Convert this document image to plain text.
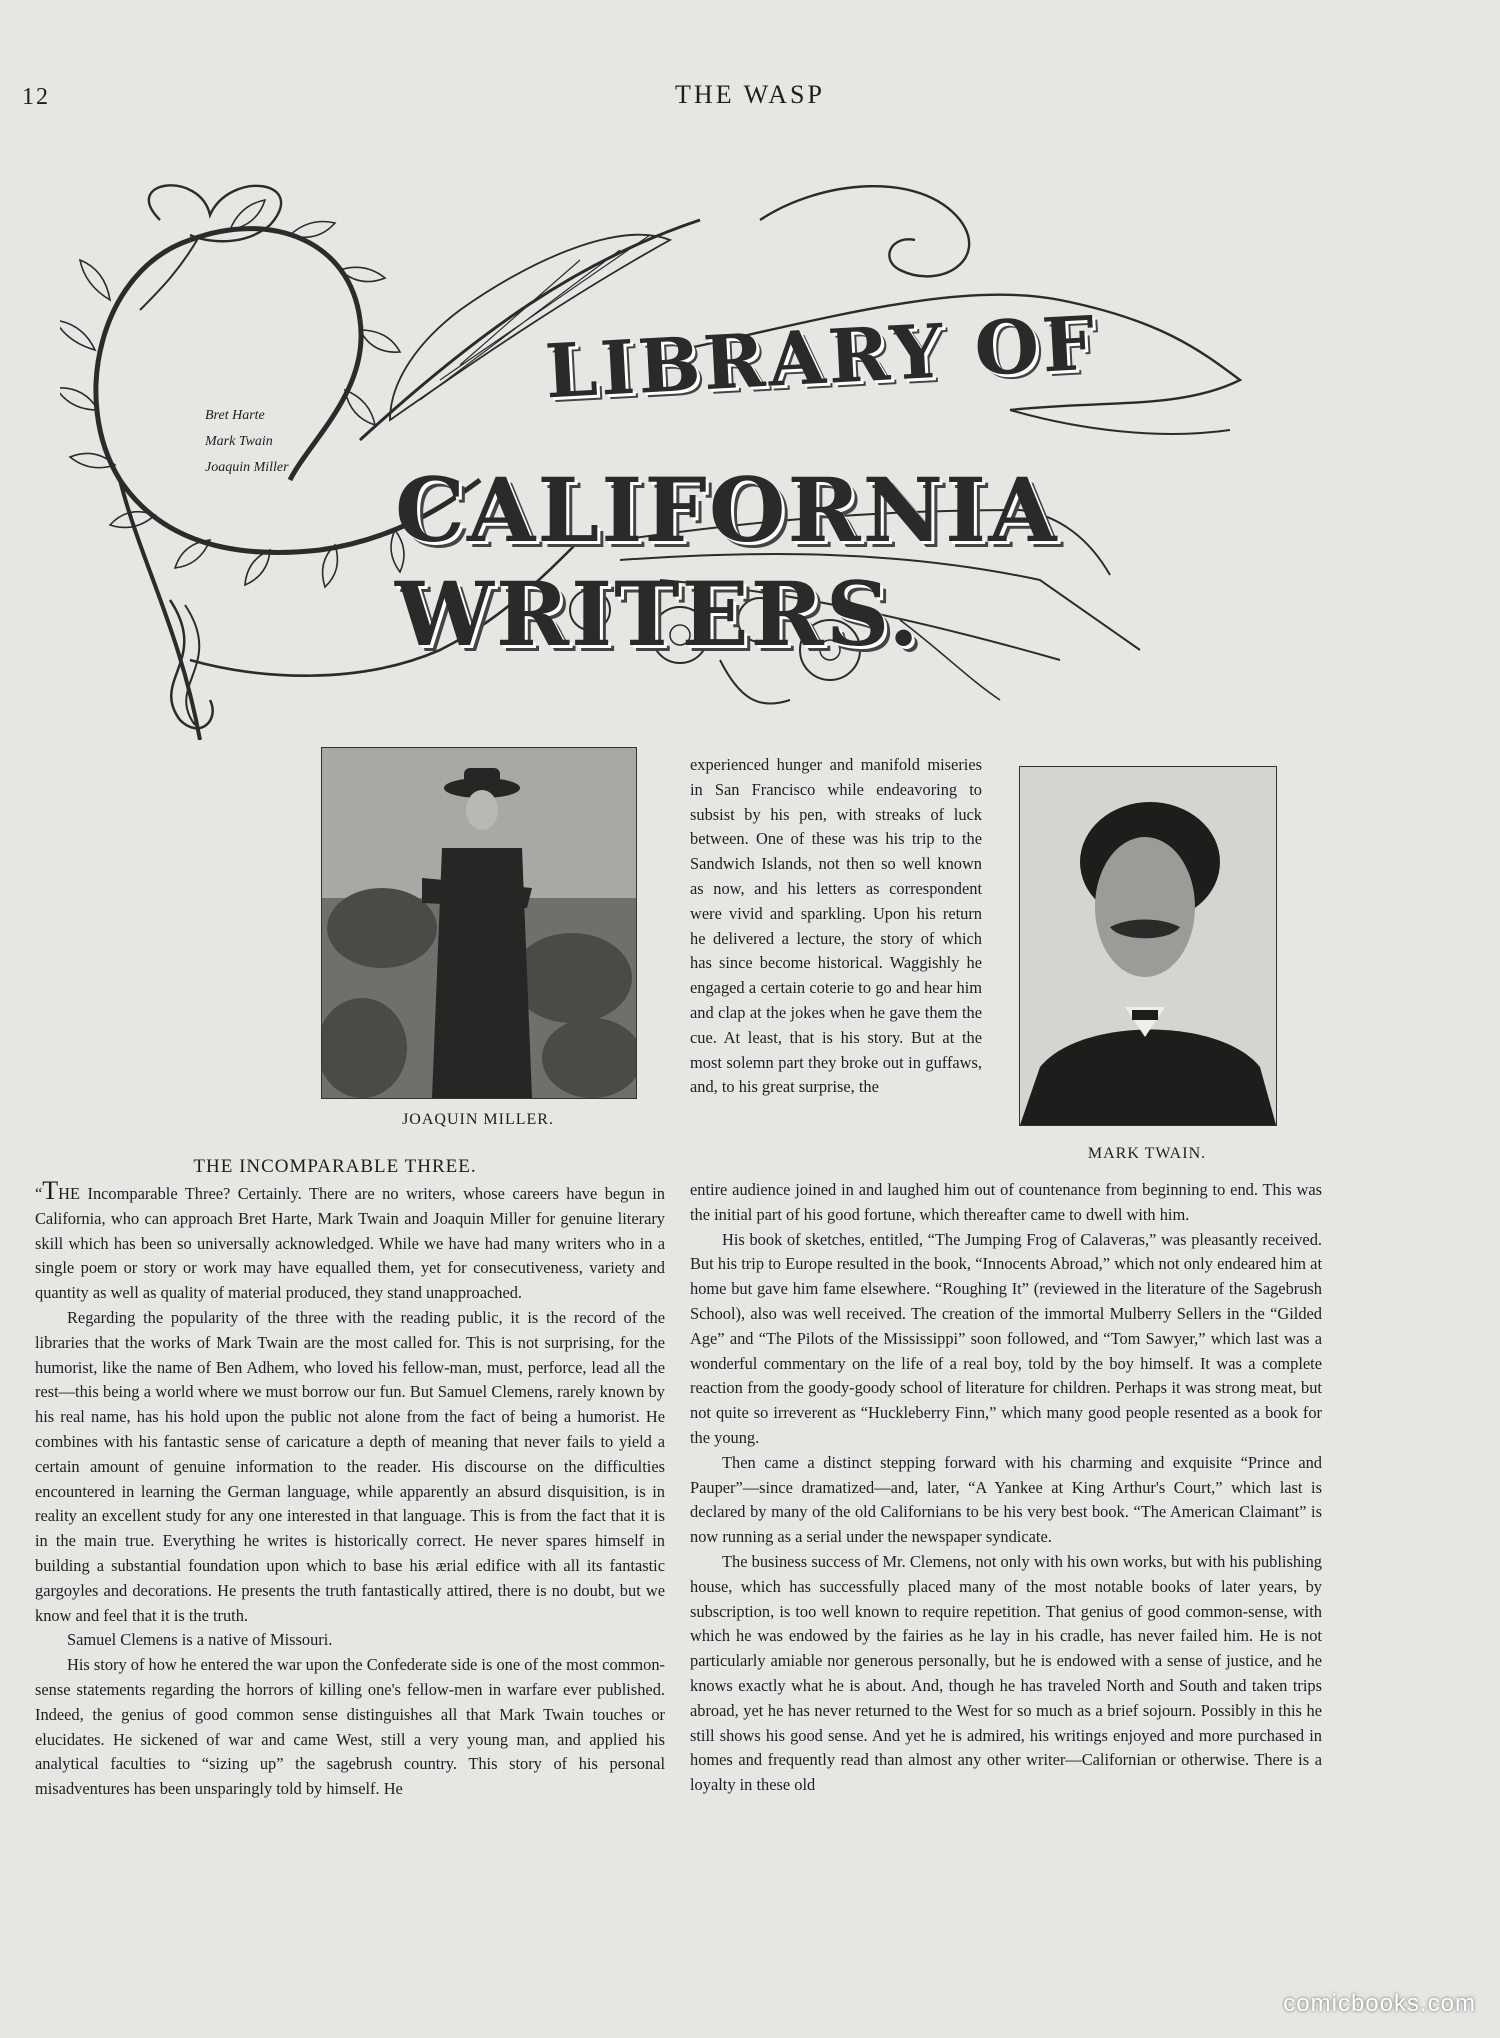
12	THE WASP
Bret Harte
Mark Twain
Joaquin Miller
LIBRARY OF
CALIFORNIA WRITERS.
JOAQUIN MILLER.
MARK TWAIN.
THE INCOMPARABLE THREE.

“THE Incomparable Three? Certainly. There are no writers, whose careers have begun in California, who can approach Bret Harte, Mark Twain and Joaquin Miller for genuine literary skill which has been so universally acknowledged. While we have had many writers who in a single poem or story or work may have equalled them, yet for consecutiveness, variety and quantity as well as quality of material produced, they stand unapproached.

Regarding the popularity of the three with the reading public, it is the record of the libraries that the works of Mark Twain are the most called for. This is not surprising, for the humorist, like the name of Ben Adhem, who loved his fellow-man, must, perforce, lead all the rest—this being a world where we must borrow our fun. But Samuel Clemens, rarely known by his real name, has his hold upon the public not alone from the fact of being a humorist. He combines with his fantastic sense of caricature a depth of meaning that never fails to yield a certain amount of genuine information to the reader. His discourse on the difficulties encountered in learning the German language, while apparently an absurd disquisition, is in reality an excellent study for any one interested in that language. This is from the fact that it is in the main true. Everything he writes is historically correct. He never spares himself in building a substantial foundation upon which to base his ærial edifice with all its fantastic gargoyles and decorations. He presents the truth fantastically attired, there is no doubt, but we know and feel that it is the truth.

Samuel Clemens is a native of Missouri.

His story of how he entered the war upon the Confederate side is one of the most common-sense statements regarding the horrors of killing one's fellow-men in warfare ever published. Indeed, the genius of good common sense distinguishes all that Mark Twain touches or elucidates. He sickened of war and came West, still a very young man, and applied his analytical faculties to “sizing up” the sagebrush country. This story of his personal misadventures has been unsparingly told by himself. He

experienced hunger and manifold miseries in San Francisco while endeavoring to subsist by his pen, with streaks of luck between. One of these was his trip to the Sandwich Islands, not then so well known as now, and his letters as correspondent were vivid and sparkling. Upon his return he delivered a lecture, the story of which has since become historical. Waggishly he engaged a certain coterie to go and hear him and clap at the jokes when he gave them the cue. At least, that is his story. But at the most solemn part they broke out in guffaws, and, to his great surprise, the

entire audience joined in and laughed him out of countenance from beginning to end. This was the initial part of his good fortune, which thereafter came to dwell with him.

His book of sketches, entitled, “The Jumping Frog of Calaveras,” was pleasantly received. But his trip to Europe resulted in the book, “Innocents Abroad,” which not only endeared him at home but gave him fame elsewhere. “Roughing It” (reviewed in the literature of the Sagebrush School), also was well received. The creation of the immortal Mulberry Sellers in the “Gilded Age” and “The Pilots of the Mississippi” soon followed, and “Tom Sawyer,” which last was a wonderful commentary on the life of a real boy, told by the boy himself. It was a complete reaction from the goody-goody school of literature for children. Perhaps it was strong meat, but not quite so irreverent as “Huckleberry Finn,” which many good people resented as a book for the young.

Then came a distinct stepping forward with his charming and exquisite “Prince and Pauper”—since dramatized—and, later, “A Yankee at King Arthur's Court,” which last is declared by many of the old Californians to be his very best book. “The American Claimant” is now running as a serial under the newspaper syndicate.

The business success of Mr. Clemens, not only with his own works, but with his publishing house, which has successfully placed many of the most notable books of later years, by subscription, is too well known to require repetition. That genius of good common-sense, with which he was endowed by the fairies as he lay in his cradle, has never failed him. He is not particularly amiable nor generous personally, but he is endowed with a sense of justice, and he knows exactly what he is about. And, though he has traveled North and South and taken trips abroad, yet he has never returned to the West for so much as a brief sojourn. Possibly in this he still shows his good sense. And yet he is admired, his writings enjoyed and more purchased in homes and frequently read than almost any other writer—Californian or otherwise. There is a loyalty in these old

comicbooks.com
